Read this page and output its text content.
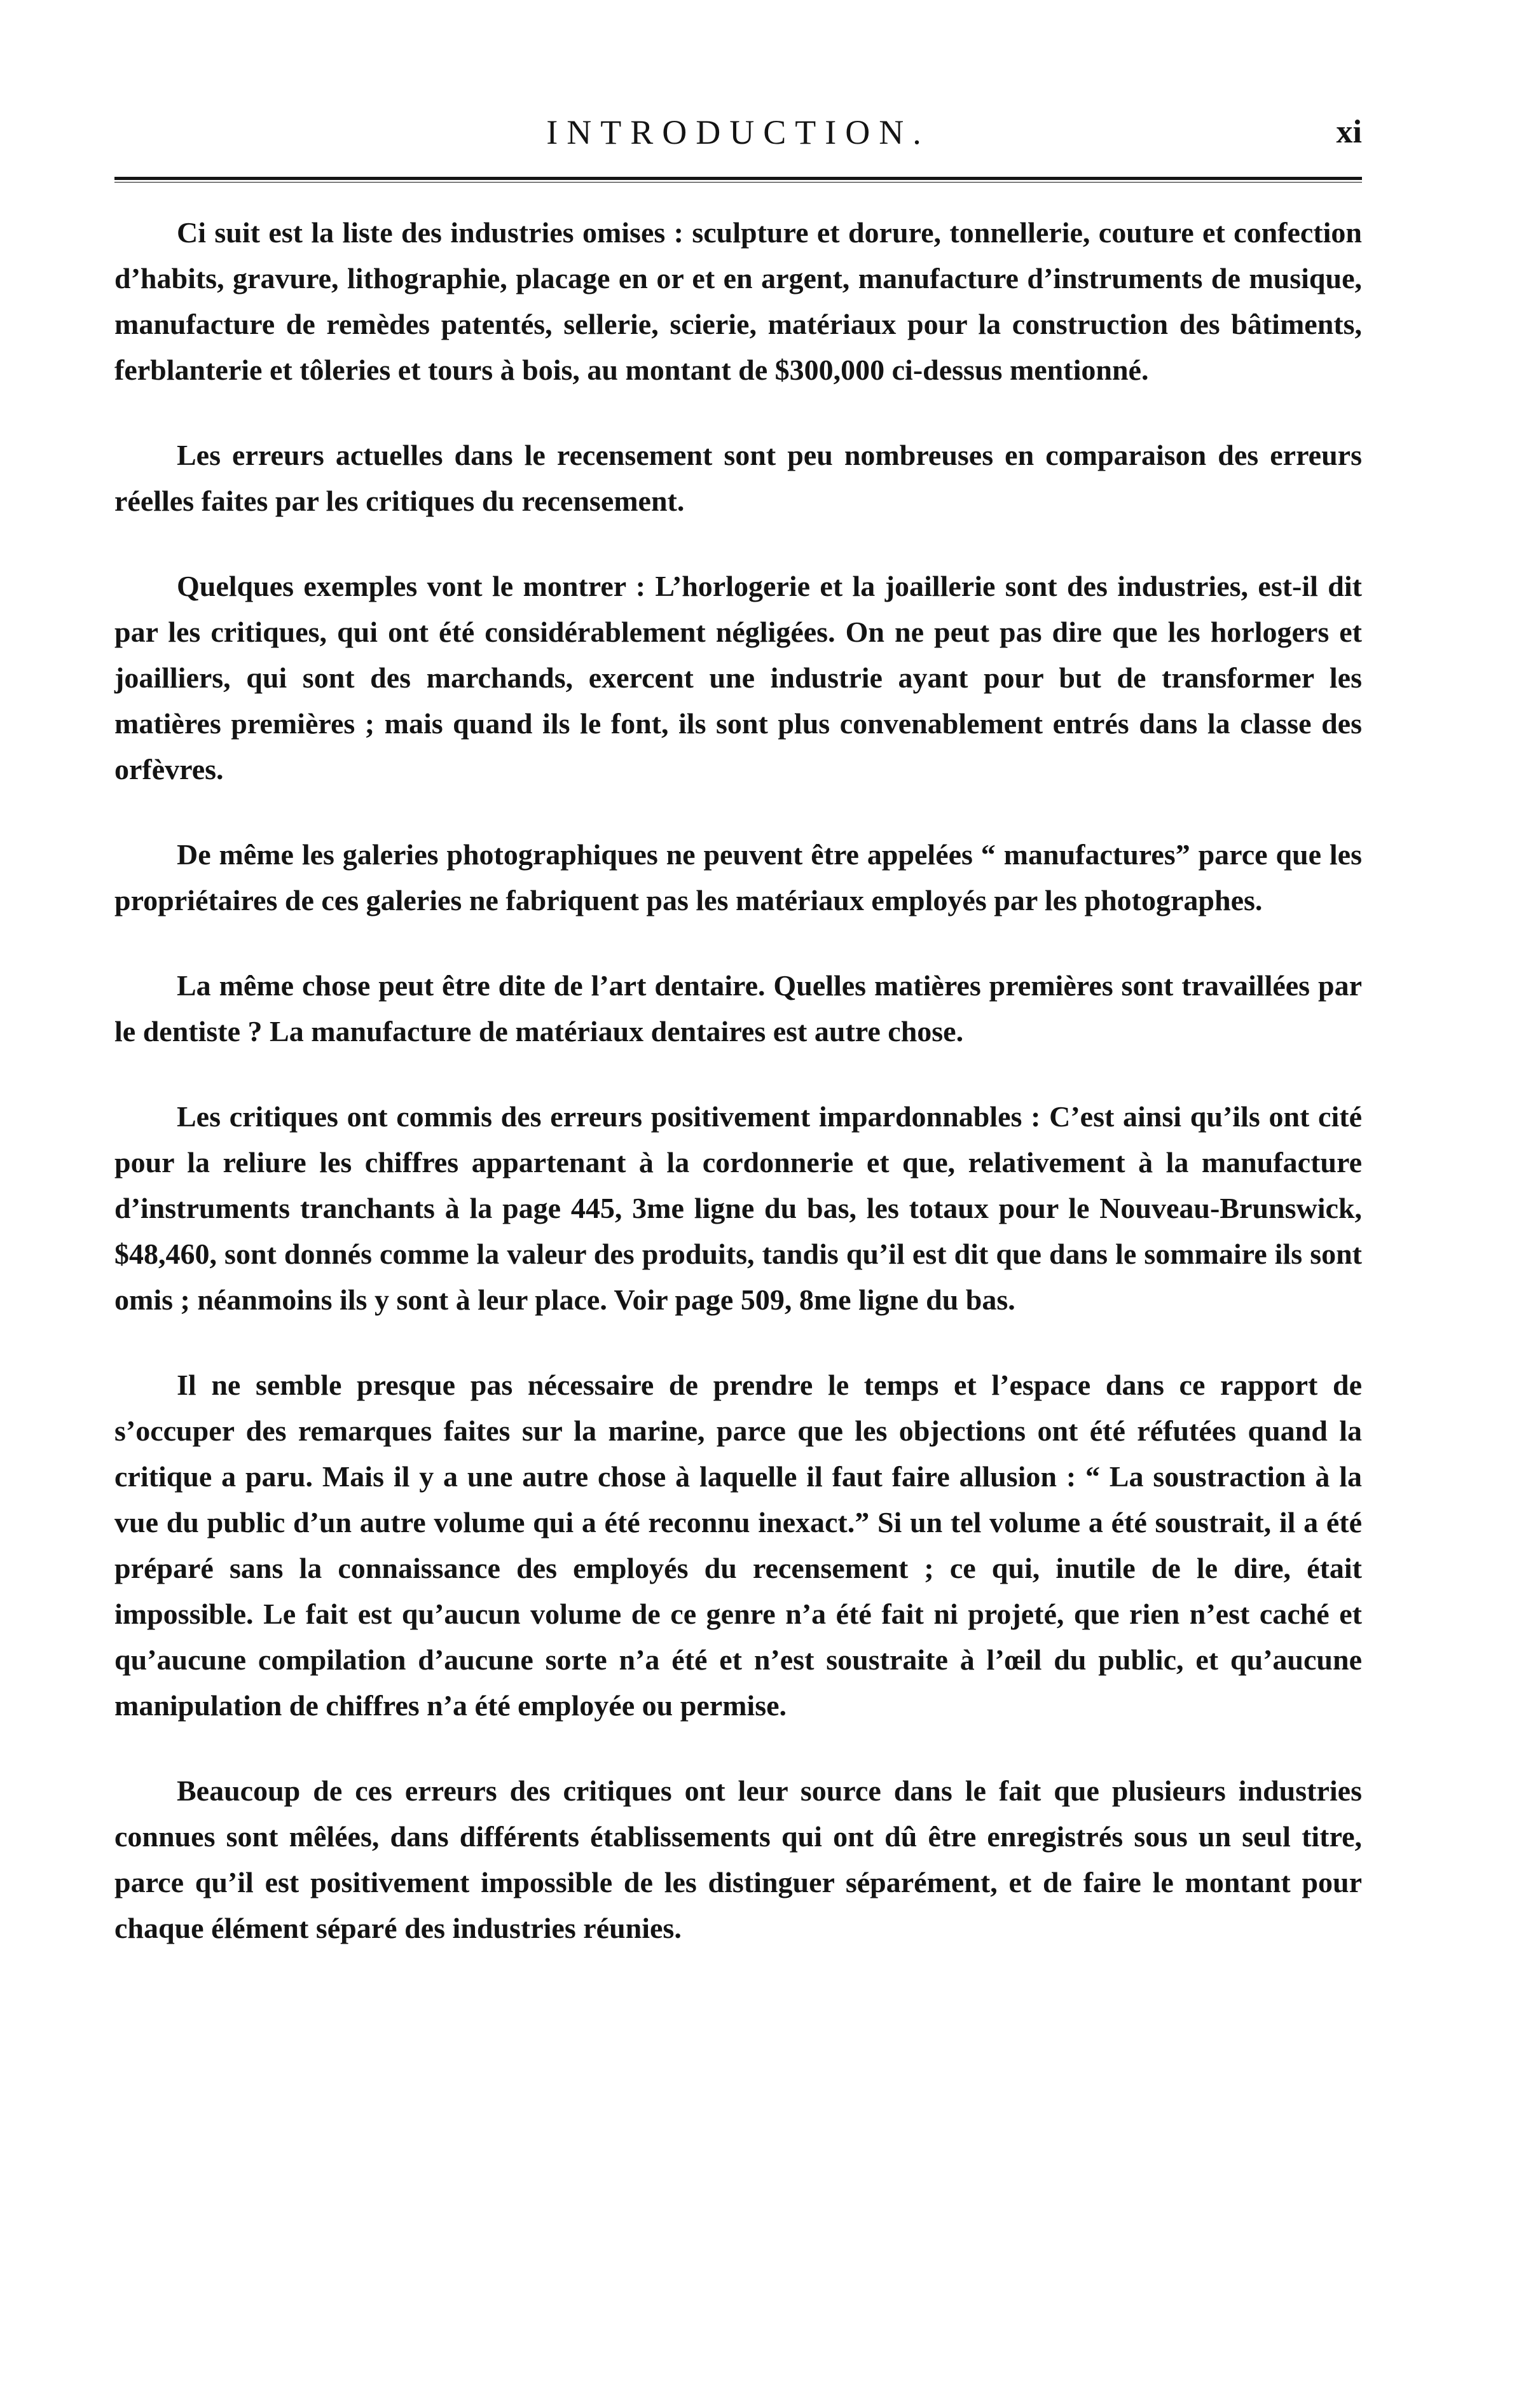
INTRODUCTION.	xi

Ci suit est la liste des industries omises : sculpture et dorure, tonnellerie, couture et confection d’habits, gravure, lithographie, placage en or et en argent, manufacture d’instruments de musique, manufacture de remèdes patentés, sellerie, scierie, matériaux pour la construction des bâtiments, ferblanterie et tôleries et tours à bois, au montant de $300,000 ci-dessus mentionné.

Les erreurs actuelles dans le recensement sont peu nombreuses en comparaison des erreurs réelles faites par les critiques du recensement.

Quelques exemples vont le montrer : L’horlogerie et la joaillerie sont des industries, est-il dit par les critiques, qui ont été considérablement négligées. On ne peut pas dire que les horlogers et joailliers, qui sont des marchands, exercent une industrie ayant pour but de transformer les matières premières ; mais quand ils le font, ils sont plus convenablement entrés dans la classe des orfèvres.

De même les galeries photographiques ne peuvent être appelées “ manufactures” parce que les propriétaires de ces galeries ne fabriquent pas les matériaux employés par les photographes.

La même chose peut être dite de l’art dentaire. Quelles matières premières sont travaillées par le dentiste ? La manufacture de matériaux dentaires est autre chose.

Les critiques ont commis des erreurs positivement impardonnables : C’est ainsi qu’ils ont cité pour la reliure les chiffres appartenant à la cordonnerie et que, relativement à la manufacture d’instruments tranchants à la page 445, 3me ligne du bas, les totaux pour le Nouveau-Brunswick, $48,460, sont donnés comme la valeur des produits, tandis qu’il est dit que dans le sommaire ils sont omis ; néanmoins ils y sont à leur place. Voir page 509, 8me ligne du bas.

Il ne semble presque pas nécessaire de prendre le temps et l’espace dans ce rapport de s’occuper des remarques faites sur la marine, parce que les objections ont été réfutées quand la critique a paru. Mais il y a une autre chose à laquelle il faut faire allusion : “ La soustraction à la vue du public d’un autre volume qui a été reconnu inexact.” Si un tel volume a été soustrait, il a été préparé sans la connaissance des employés du recensement ; ce qui, inutile de le dire, était impossible. Le fait est qu’aucun volume de ce genre n’a été fait ni projeté, que rien n’est caché et qu’aucune compilation d’aucune sorte n’a été et n’est soustraite à l’œil du public, et qu’aucune manipulation de chiffres n’a été employée ou permise.

Beaucoup de ces erreurs des critiques ont leur source dans le fait que plusieurs industries connues sont mêlées, dans différents établissements qui ont dû être enregistrés sous un seul titre, parce qu’il est positivement impossible de les distinguer séparément, et de faire le montant pour chaque élément séparé des industries réunies.
